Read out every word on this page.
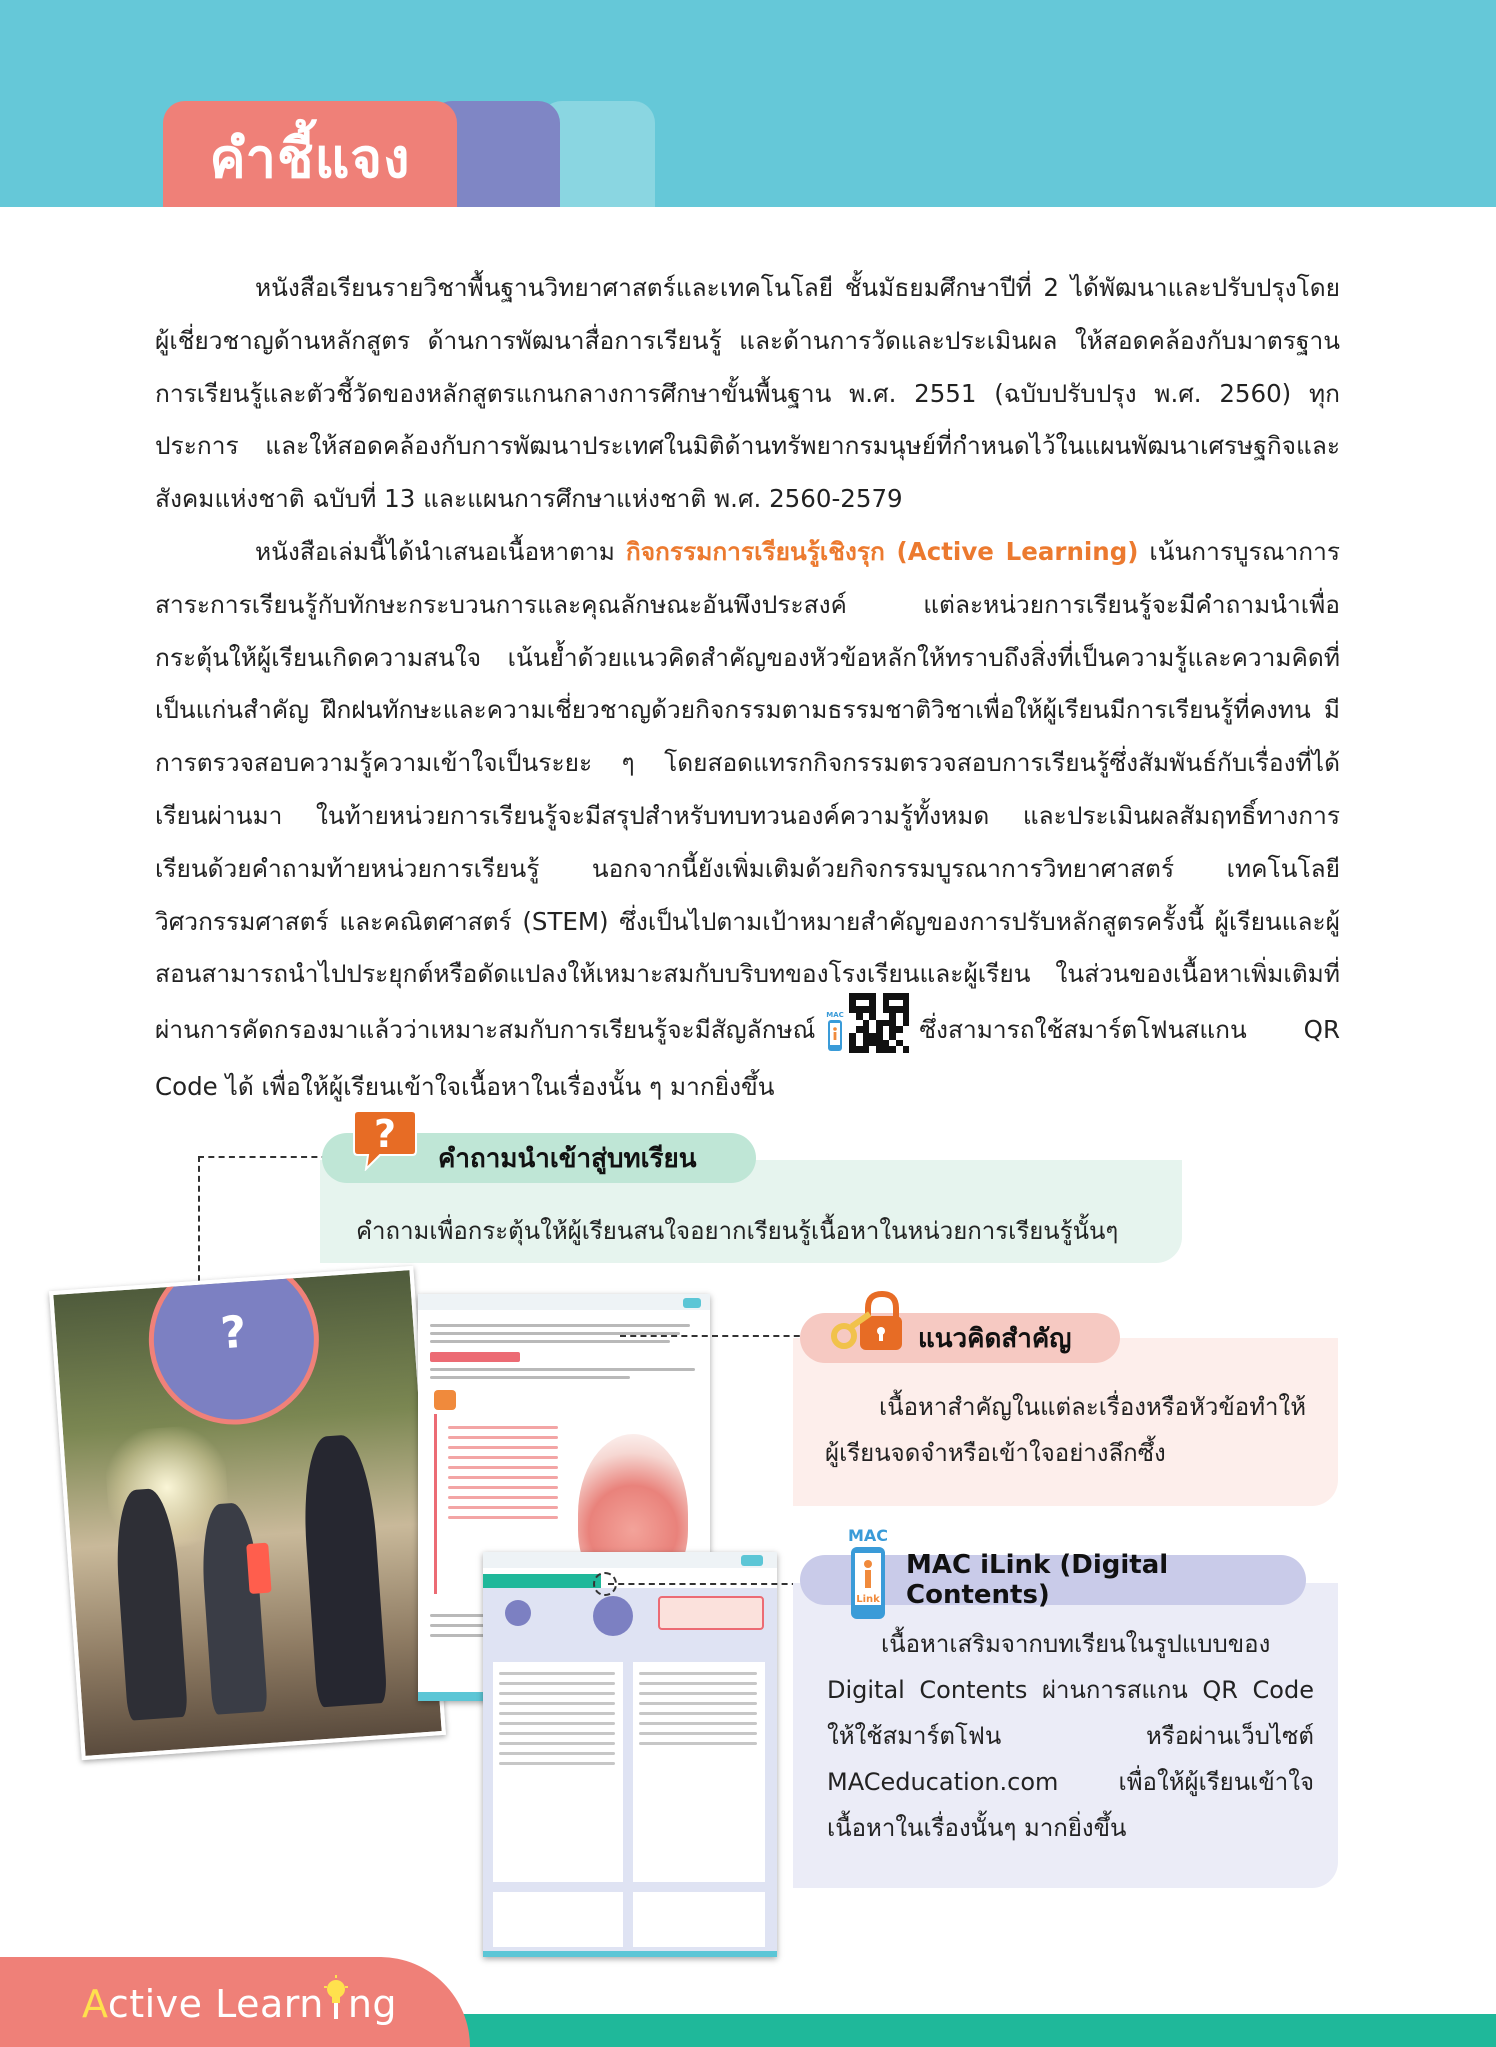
คำชี้แจง

หนังสือเรียนรายวิชาพื้นฐานวิทยาศาสตร์และเทคโนโลยี ชั้นมัธยมศึกษาปีที่ 2 ได้พัฒนาและปรับปรุงโดยผู้เชี่ยวชาญด้านหลักสูตร ด้านการพัฒนาสื่อการเรียนรู้ และด้านการวัดและประเมินผล ให้สอดคล้องกับมาตรฐานการเรียนรู้และตัวชี้วัดของหลักสูตรแกนกลางการศึกษาขั้นพื้นฐาน พ.ศ. 2551 (ฉบับปรับปรุง พ.ศ. 2560) ทุกประการ และให้สอดคล้องกับการพัฒนาประเทศในมิติด้านทรัพยากรมนุษย์ที่กำหนดไว้ในแผนพัฒนาเศรษฐกิจและสังคมแห่งชาติ ฉบับที่ 13 และแผนการศึกษาแห่งชาติ พ.ศ. 2560-2579

หนังสือเล่มนี้ได้นำเสนอเนื้อหาตาม กิจกรรมการเรียนรู้เชิงรุก (Active Learning) เน้นการบูรณาการสาระการเรียนรู้กับทักษะกระบวนการและคุณลักษณะอันพึงประสงค์ แต่ละหน่วยการเรียนรู้จะมีคำถามนำเพื่อกระตุ้นให้ผู้เรียนเกิดความสนใจ เน้นย้ำด้วยแนวคิดสำคัญของหัวข้อหลักให้ทราบถึงสิ่งที่เป็นความรู้และความคิดที่เป็นแก่นสำคัญ ฝึกฝนทักษะและความเชี่ยวชาญด้วยกิจกรรมตามธรรมชาติวิชาเพื่อให้ผู้เรียนมีการเรียนรู้ที่คงทน มีการตรวจสอบความรู้ความเข้าใจเป็นระยะ ๆ โดยสอดแทรกกิจกรรมตรวจสอบการเรียนรู้ซึ่งสัมพันธ์กับเรื่องที่ได้เรียนผ่านมา ในท้ายหน่วยการเรียนรู้จะมีสรุปสำหรับทบทวนองค์ความรู้ทั้งหมด และประเมินผลสัมฤทธิ์ทางการเรียนด้วยคำถามท้ายหน่วยการเรียนรู้ นอกจากนี้ยังเพิ่มเติมด้วยกิจกรรมบูรณาการวิทยาศาสตร์ เทคโนโลยี วิศวกรรมศาสตร์ และคณิตศาสตร์ (STEM) ซึ่งเป็นไปตามเป้าหมายสำคัญของการปรับหลักสูตรครั้งนี้ ผู้เรียนและผู้สอนสามารถนำไปประยุกต์หรือดัดแปลงให้เหมาะสมกับบริบทของโรงเรียนและผู้เรียน ในส่วนของเนื้อหาเพิ่มเติมที่ผ่านการคัดกรองมาแล้วว่าเหมาะสมกับการเรียนรู้จะมีสัญลักษณ์ MAC	ซึ่งสามารถใช้สมาร์ตโฟนสแกน QR Code ได้ เพื่อให้ผู้เรียนเข้าใจเนื้อหาในเรื่องนั้น ๆ มากยิ่งขึ้น

คำถามเพื่อกระตุ้นให้ผู้เรียนสนใจอยากเรียนรู้เนื้อหาในหน่วยการเรียนรู้นั้นๆ
คำถามนำเข้าสู่บทเรียน
?
?

เนื้อหาสำคัญในแต่ละเรื่องหรือหัวข้อทำให้ผู้เรียนจดจำหรือเข้าใจอย่างลึกซึ้ง
แนวคิดสำคัญ
เนื้อหาเสริมจากบทเรียนในรูปแบบของ Digital Contents ผ่านการสแกน QR Code ให้ใช้สมาร์ตโฟน หรือผ่านเว็บไซต์ MACeducation.com เพื่อให้ผู้เรียนเข้าใจเนื้อหาในเรื่องนั้นๆ มากยิ่งขึ้น
MAC iLink (Digital Contents)
MAC
Link
Active Learn ng
